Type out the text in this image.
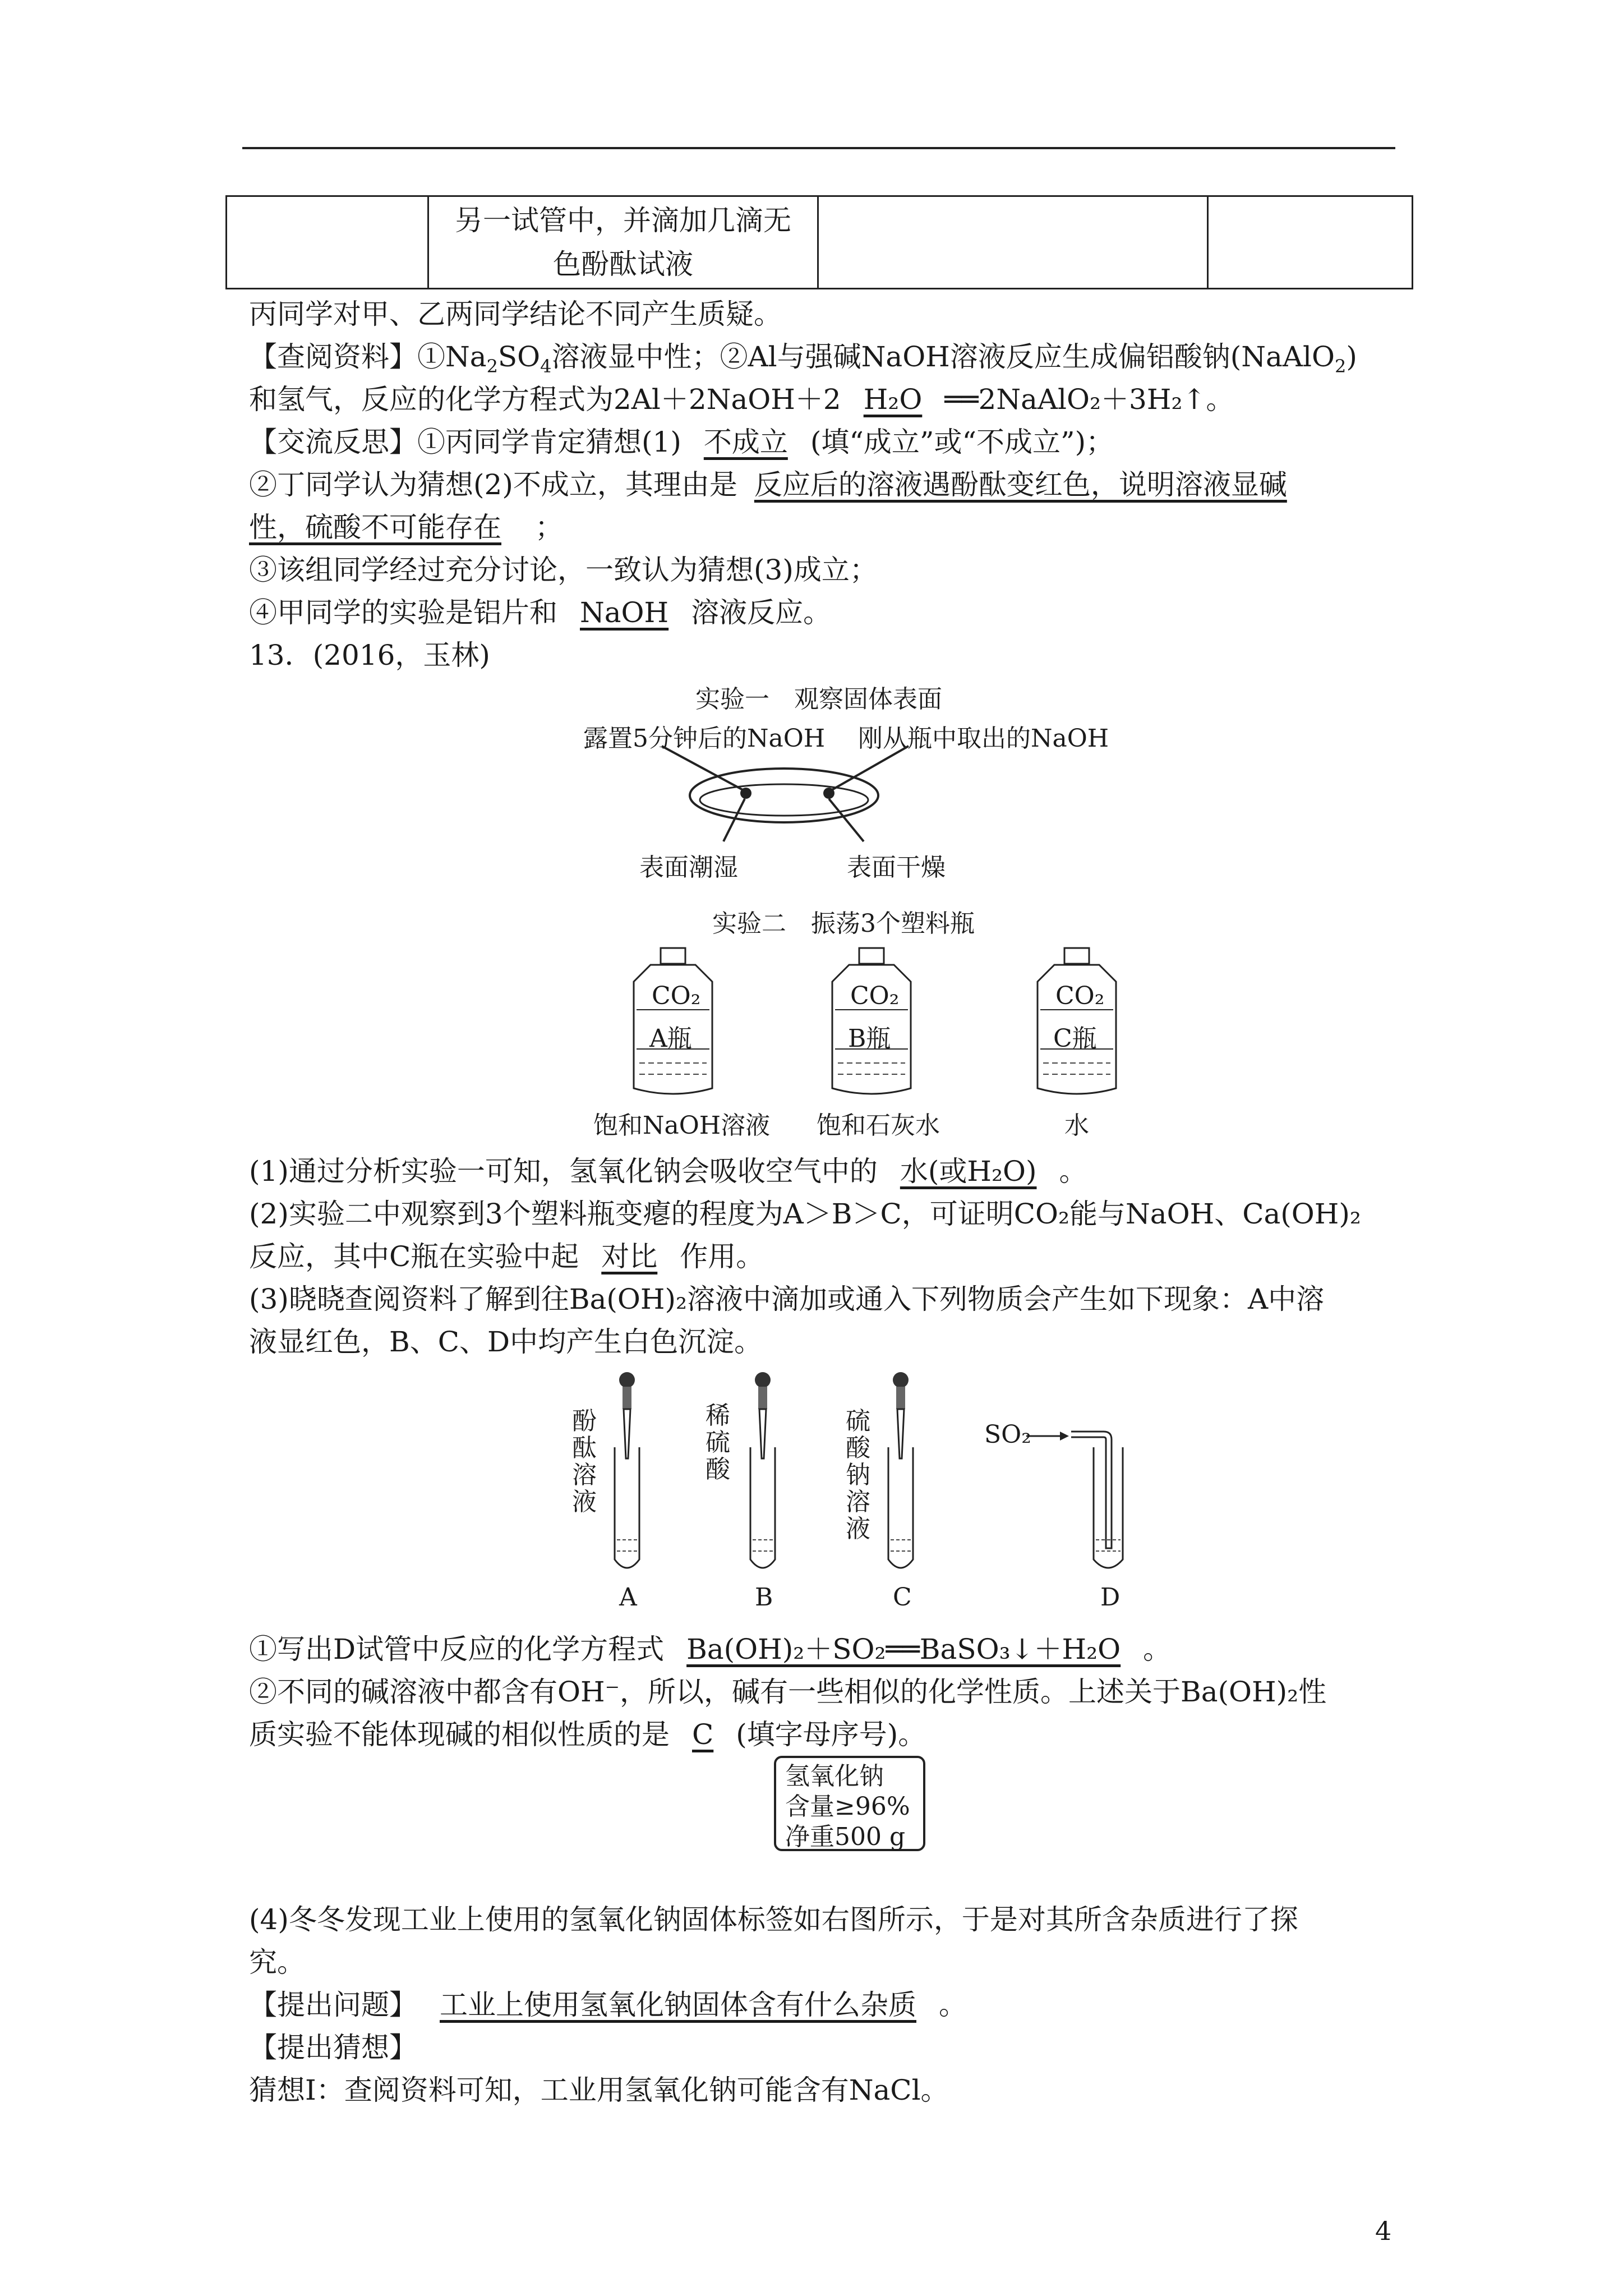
另一试管中，并滴加几滴无
色酚酞试液

丙同学对甲、乙两同学结论不同产生质疑。
【查阅资料】$①Na_2SO_4$溶液显中性；②Al与强碱NaOH溶液反应生成偏铝酸钠(NaAlO$_2$)
和氢气，反应的化学方程式为2Al＋2NaOH＋2 H₂O ══2NaAlO₂＋3H₂↑。
【交流反思】①丙同学肯定猜想(1) 不成立 (填“成立”或“不成立”)；
②丁同学认为猜想(2)不成立，其理由是 反应后的溶液遇酚酞变红色，说明溶液显碱
性，硫酸不可能存在 ；
③该组同学经过充分讨论，一致认为猜想(3)成立；
④甲同学的实验是铝片和 NaOH 溶液反应。
13．(2016，玉林)
实验一　观察固体表面
露置5分钟后的NaOH 刚从瓶中取出的NaOH
表面潮湿	表面干燥
实验二　振荡3个塑料瓶
CO₂
A瓶
CO₂
B瓶
CO₂
C瓶
饱和NaOH溶液 饱和石灰水	水
(1)通过分析实验一可知，氢氧化钠会吸收空气中的 水(或H₂O) 。
(2)实验二中观察到3个塑料瓶变瘪的程度为A＞B＞C，可证明CO₂能与NaOH、Ca(OH)₂
反应，其中C瓶在实验中起 对比 作用。
(3)晓晓查阅资料了解到往Ba(OH)₂溶液中滴加或通入下列物质会产生如下现象：A中溶
液显红色，B、C、D中均产生白色沉淀。
酚
酞
溶
液
稀
硫
酸
硫
酸
钠
溶
液
SO₂
A	B	C	D
①写出D试管中反应的化学方程式 Ba(OH)₂＋SO₂══BaSO₃↓＋H₂O 。
②不同的碱溶液中都含有OH⁻，所以，碱有一些相似的化学性质。上述关于Ba(OH)₂性
质实验不能体现碱的相似性质的是 C (填字母序号)。
氢氧化钠
含量≥96%
净重500 g
(4)冬冬发现工业上使用的氢氧化钠固体标签如右图所示，于是对其所含杂质进行了探
究。
【提出问题】 工业上使用氢氧化钠固体含有什么杂质 。
【提出猜想】
猜想Ⅰ：查阅资料可知，工业用氢氧化钠可能含有NaCl。
4
